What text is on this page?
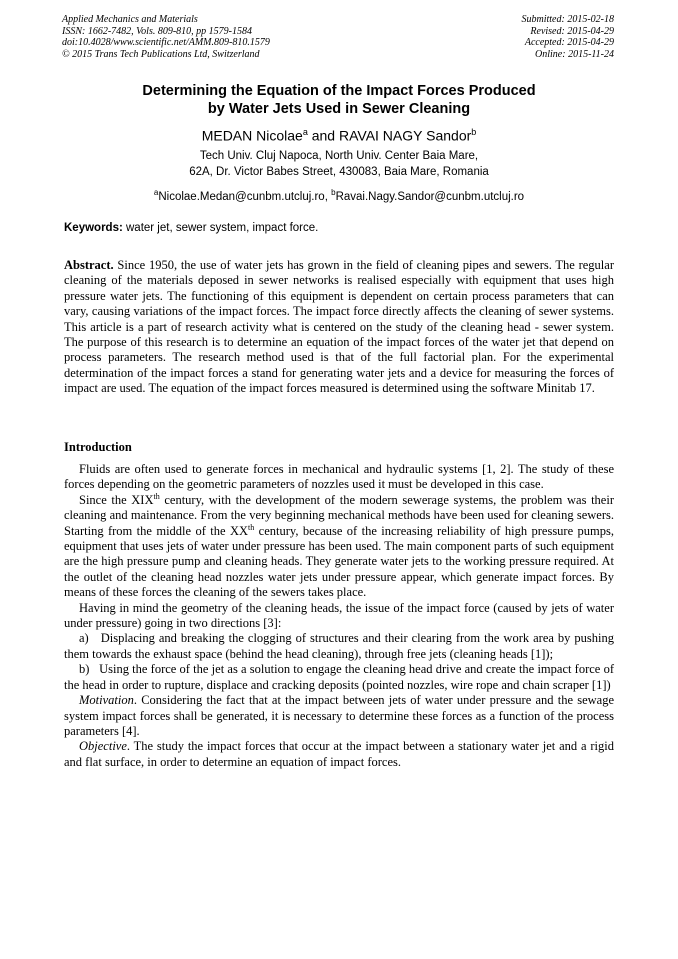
Applied Mechanics and Materials
ISSN: 1662-7482, Vols. 809-810, pp 1579-1584
doi:10.4028/www.scientific.net/AMM.809-810.1579
© 2015 Trans Tech Publications Ltd, Switzerland
Submitted: 2015-02-18
Revised: 2015-04-29
Accepted: 2015-04-29
Online: 2015-11-24
Determining the Equation of the Impact Forces Produced
by Water Jets Used in Sewer Cleaning
MEDAN Nicolae$^a$ and RAVAI NAGY Sandor$^b$
Tech Univ. Cluj Napoca, North Univ. Center Baia Mare,
62A, Dr. Victor Babes Street, 430083, Baia Mare, Romania
$^a$Nicolae.Medan@cunbm.utcluj.ro, $^b$Ravai.Nagy.Sandor@cunbm.utcluj.ro
Keywords: water jet, sewer system, impact force.
Abstract. Since 1950, the use of water jets has grown in the field of cleaning pipes and sewers. The regular cleaning of the materials deposed in sewer networks is realised especially with equipment that uses high pressure water jets. The functioning of this equipment is dependent on certain process parameters that can vary, causing variations of the impact forces. The impact force directly affects the cleaning of sewer systems. This article is a part of research activity what is centered on the study of the cleaning head - sewer system. The purpose of this research is to determine an equation of the impact forces of the water jet that depend on process parameters. The research method used is that of the full factorial plan. For the experimental determination of the impact forces a stand for generating water jets and a device for measuring the forces of impact are used. The equation of the impact forces measured is determined using the software Minitab 17.
Introduction

Fluids are often used to generate forces in mechanical and hydraulic systems [1, 2]. The study of these forces depending on the geometric parameters of nozzles used it must be developed in this case.

Since the XIXth century, with the development of the modern sewerage systems, the problem was their cleaning and maintenance. From the very beginning mechanical methods have been used for cleaning sewers. Starting from the middle of the XXth century, because of the increasing reliability of high pressure pumps, equipment that uses jets of water under pressure has been used. The main component parts of such equipment are the high pressure pump and cleaning heads. They generate water jets to the working pressure required. At the outlet of the cleaning head nozzles water jets under pressure appear, which generate impact forces. By means of these forces the cleaning of the sewers takes place.

Having in mind the geometry of the cleaning heads, the issue of the impact force (caused by jets of water under pressure) going in two directions [3]:

a)   Displacing and breaking the clogging of structures and their clearing from the work area by pushing them towards the exhaust space (behind the head cleaning), through free jets (cleaning heads [1]);

b)   Using the force of the jet as a solution to engage the cleaning head drive and create the impact force of the head in order to rupture, displace and cracking deposits (pointed nozzles, wire rope and chain scraper [1])

Motivation. Considering the fact that at the impact between jets of water under pressure and the sewage system impact forces shall be generated, it is necessary to determine these forces as a function of the process parameters [4].

Objective. The study the impact forces that occur at the impact between a stationary water jet and a rigid and flat surface, in order to determine an equation of impact forces.
